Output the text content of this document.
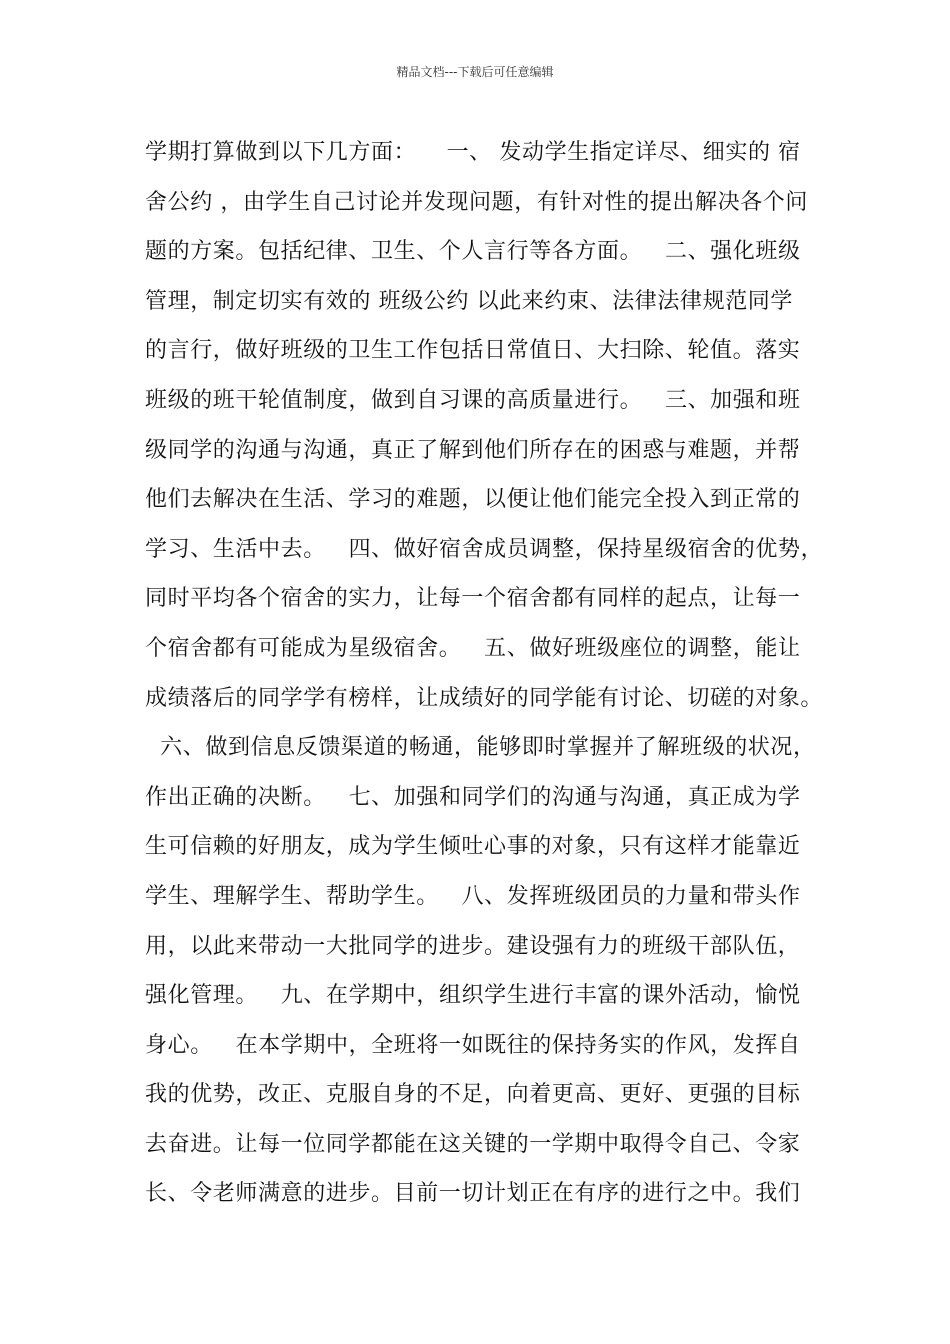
精品文档---下载后可任意编辑
学期打算做到以下几方面：    一、 发动学生指定详尽、细实的 宿
舍公约 ，由学生自己讨论并发现问题，有针对性的提出解决各个问
题的方案。包括纪律、卫生、个人言行等各方面。   二、强化班级
管理，制定切实有效的 班级公约 以此来约束、法律法律规范同学
的言行，做好班级的卫生工作包括日常值日、大扫除、轮值。落实
班级的班干轮值制度，做到自习课的高质量进行。   三、加强和班
级同学的沟通与沟通，真正了解到他们所存在的困惑与难题，并帮
他们去解决在生活、学习的难题，以便让他们能完全投入到正常的
学习、生活中去。   四、做好宿舍成员调整，保持星级宿舍的优势，
同时平均各个宿舍的实力，让每一个宿舍都有同样的起点，让每一
个宿舍都有可能成为星级宿舍。   五、做好班级座位的调整，能让
成绩落后的同学学有榜样，让成绩好的同学能有讨论、切磋的对象。
六、做到信息反馈渠道的畅通，能够即时掌握并了解班级的状况，
作出正确的决断。   七、加强和同学们的沟通与沟通，真正成为学
生可信赖的好朋友，成为学生倾吐心事的对象，只有这样才能靠近
学生、理解学生、帮助学生。   八、发挥班级团员的力量和带头作
用，以此来带动一大批同学的进步。建设强有力的班级干部队伍，
强化管理。   九、在学期中，组织学生进行丰富的课外活动，愉悦
身心。   在本学期中，全班将一如既往的保持务实的作风，发挥自
我的优势，改正、克服自身的不足，向着更高、更好、更强的目标
去奋进。让每一位同学都能在这关键的一学期中取得令自己、令家
长、令老师满意的进步。目前一切计划正在有序的进行之中。我们
